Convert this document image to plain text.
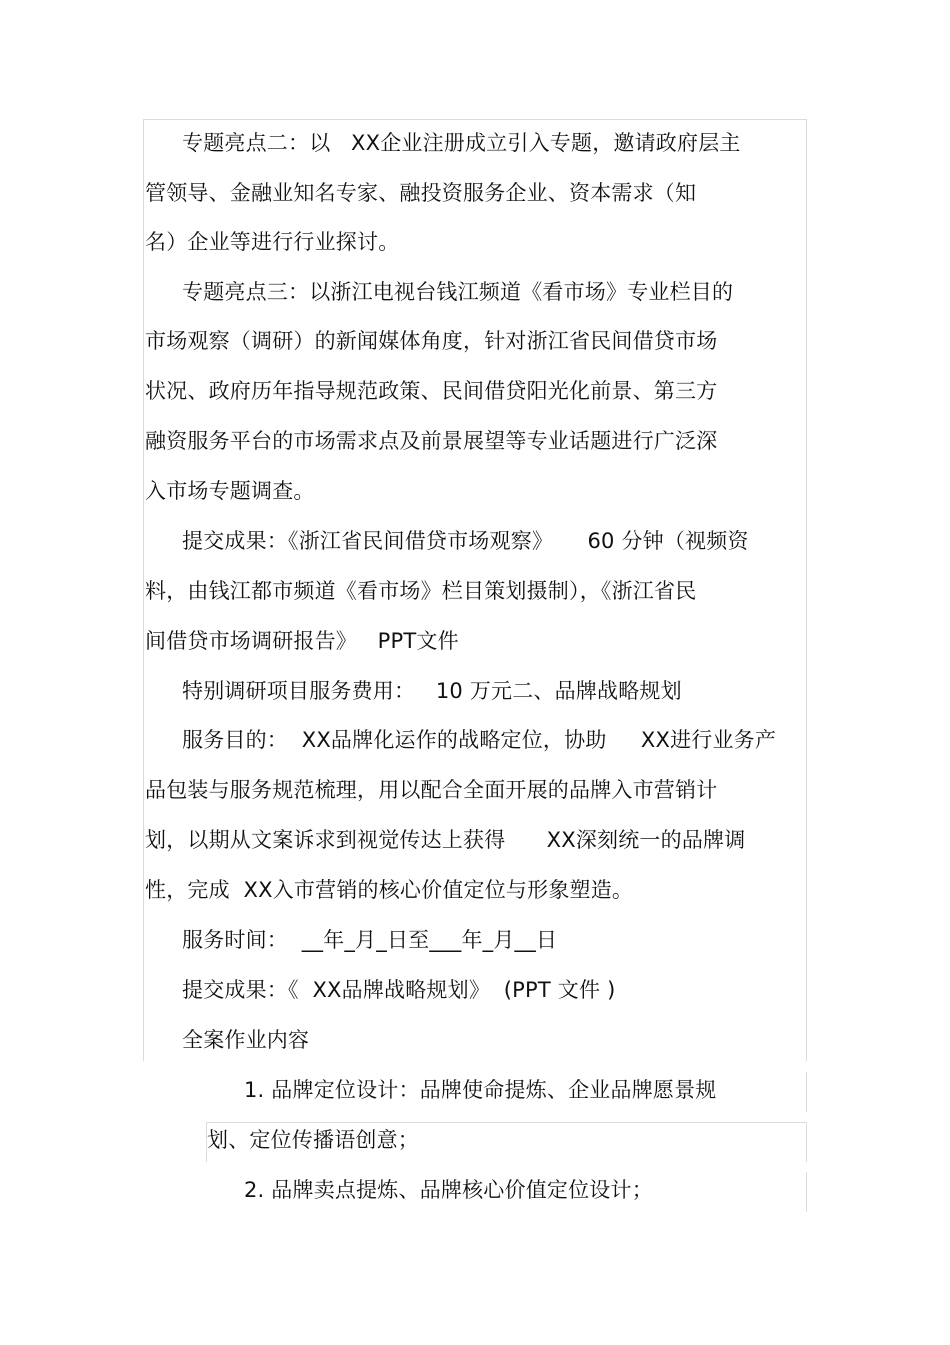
专题亮点二：以   XX企业注册成立引入专题，邀请政府层主
管领导、金融业知名专家、融投资服务企业、资本需求（知
名）企业等进行行业探讨。
专题亮点三：以浙江电视台钱江频道《看市场》专业栏目的
市场观察（调研）的新闻媒体角度，针对浙江省民间借贷市场
状况、政府历年指导规范政策、民间借贷阳光化前景、第三方
融资服务平台的市场需求点及前景展望等专业话题进行广泛深
入市场专题调查。
提交成果：《浙江省民间借贷市场观察》     60 分钟（视频资
料，由钱江都市频道《看市场》栏目策划摄制），《浙江省民
间借贷市场调研报告》   PPT文件
特别调研项目服务费用：   10 万元二、品牌战略规划
服务目的：  XX品牌化运作的战略定位，协助     XX进行业务产
品包装与服务规范梳理，用以配合全面开展的品牌入市营销计
划，以期从文案诉求到视觉传达上获得      XX深刻统一的品牌调
性，完成  XX入市营销的核心价值定位与形象塑造。
服务时间：  __年_月_日至___年_月__日
提交成果：《  XX品牌战略规划》  (PPT 文件 )
全案作业内容
1. 品牌定位设计：品牌使命提炼、企业品牌愿景规
划、定位传播语创意；
2. 品牌卖点提炼、品牌核心价值定位设计；
